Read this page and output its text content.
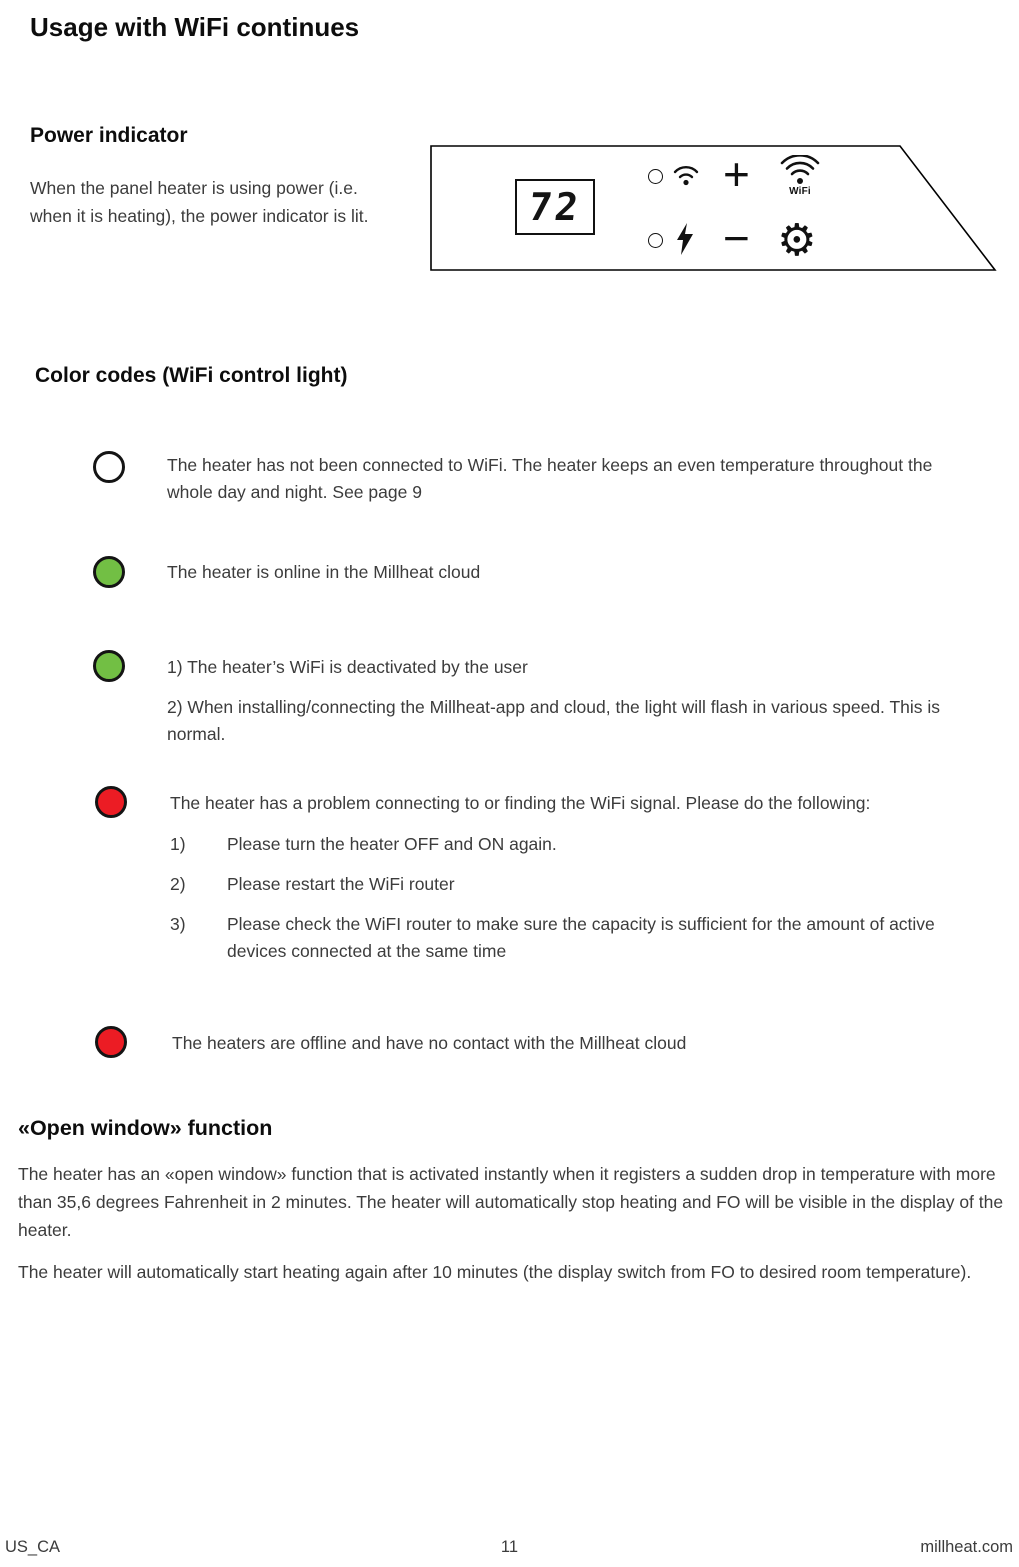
Usage with WiFi continues
Power indicator
When the panel heater is using power (i.e. when it is heating), the power indicator is lit.	72
+	WiFi
− ⚙
Color codes (WiFi control light)
The heater has not been connected to WiFi. The heater keeps an even temperature throughout the whole day and night. See page 9
The heater is online in the Millheat cloud
1) The heater’s WiFi is deactivated by the user
2) When installing/connecting the Millheat-app and cloud, the light will flash in various speed. This is normal.
The heater has a problem connecting to or finding the WiFi signal. Please do the following:
1) Please turn the heater OFF and ON again.
2) Please restart the WiFi router
3) Please check the WiFI router to make sure the capacity is sufficient for the amount of active devices connected at the same time
The heaters are offline and have no contact with the Millheat cloud
«Open window» function
The heater has an «open window» function that is activated instantly when it registers a sudden drop in temperature with more than 35,6 degrees Fahrenheit in 2 minutes. The heater will automatically stop heating and FO will be visible in the display of the heater.
The heater will automatically start heating again after 10 minutes (the display switch from FO to desired room temperature).
US_CA	11	millheat.com
